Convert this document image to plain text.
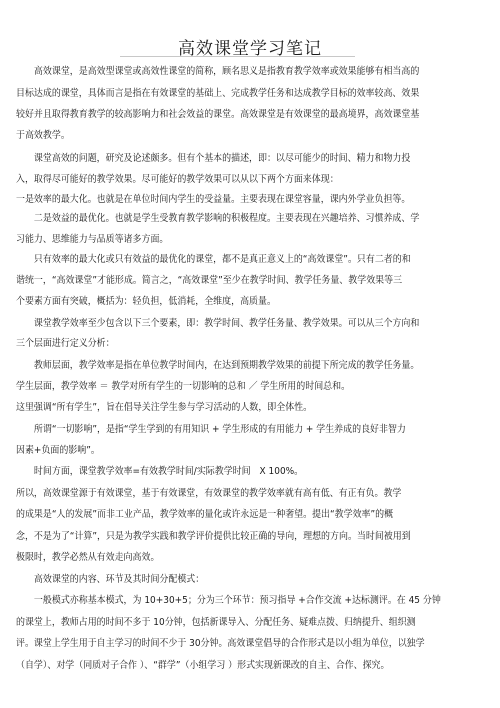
高效课堂学习笔记
　　高效课堂，是高效型课堂或高效性课堂的简称，顾名思义是指教育教学效率或效果能够有相当高的
目标达成的课堂，具体而言是指在有效课堂的基础上、完成教学任务和达成教学目标的效率较高、效果
较好并且取得教育教学的较高影响力和社会效益的课堂。高效课堂是有效课堂的最高境界，高效课堂基
于高效教学。
　　课堂高效的问题，研究及论述颇多。但有个基本的描述，即：以尽可能少的时间、精力和物力投
入，取得尽可能好的教学效果。尽可能好的教学效果可以从以下两个方面来体现：
一是效率的最大化。也就是在单位时间内学生的受益量。主要表现在课堂容量，课内外学业负担等。
　　二是效益的最优化。也就是学生受教育教学影响的积极程度。主要表现在兴趣培养、习惯养成、学
习能力、思维能力与品质等诸多方面。
　　只有效率的最大化或只有效益的最优化的课堂，都不是真正意义上的“高效课堂”。只有二者的和
谐统一，“高效课堂”才能形成。简言之，“高效课堂”至少在教学时间、教学任务量、教学效果等三
个要素方面有突破，概括为：轻负担，低消耗，全维度，高质量。
　　课堂教学效率至少包含以下三个要素，即：教学时间、教学任务量、教学效果。可以从三个方向和
三个层面进行定义分析：
　　教师层面，教学效率是指在单位教学时间内，在达到预期教学效果的前提下所完成的教学任务量。
学生层面，教学效率 ＝ 教学对所有学生的一切影响的总和 ／ 学生所用的时间总和。
这里强调“所有学生”，旨在倡导关注学生参与学习活动的人数，即全体性。
　　所谓“一切影响”，是指“学生学到的有用知识 + 学生形成的有用能力 + 学生养成的良好非智力
因素+负面的影响”。
　　时间方面，课堂教学效率=有效教学时间/实际教学时间　X 100%。
所以，高效课堂源于有效课堂，基于有效课堂，有效课堂的教学效率就有高有低、有正有负。教学
的成果是“人的发展”而非工业产品，教学效率的量化或许永远是一种奢望。提出“教学效率”的概
念，不是为了“计算”，只是为教学实践和教学评价提供比较正确的导向，理想的方向。当时间被用到
极限时，教学必然从有效走向高效。
　　高效课堂的内容、环节及其时间分配模式：
　　一般模式亦称基本模式，为 10+30+5；分为三个环节：预习指导 +合作交流 +达标测评。在 45 分钟
的课堂上，教师占用的时间不多于 10分钟，包括新课导入、分配任务、疑难点拨、归纳提升、组织测
评。课堂上学生用于自主学习的时间不少于 30分钟。高效课堂倡导的合作形式是以小组为单位，以独学
（自学）、对学（同质对子合作 ）、“群学”（小组学习 ）形式实现新课改的自主、合作、探究。
